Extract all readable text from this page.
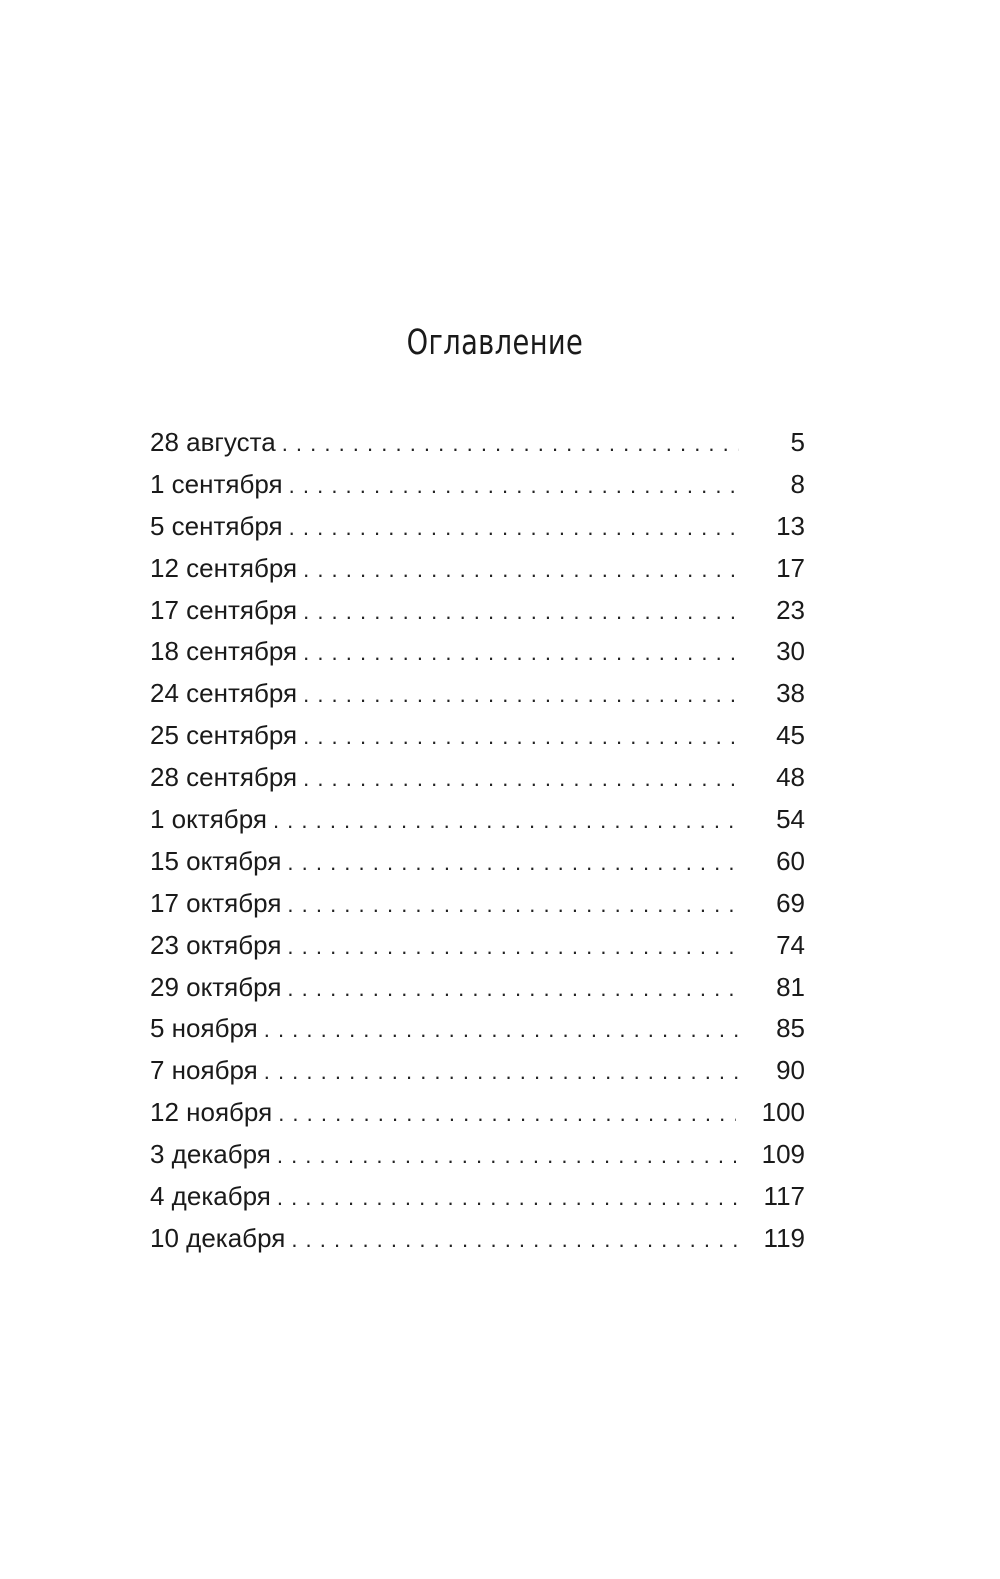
Оглавление
28 августа . . .	5
1 сентября . . .	8
5 сентября . . .	13
12 сентября . . .	17
17 сентября . . .	23
18 сентября . . .	30
24 сентября . . .	38
25 сентября . . .	45
28 сентября . . .	48
1 октября . . .	54
15 октября . . .	60
17 октября . . .	69
23 октября . . .	74
29 октября . . .	81
5 ноября . . .	85
7 ноября . . .	90
12 ноября . . .	100
3 декабря . . .	109
4 декабря . . .	117
10 декабря . . .	119
